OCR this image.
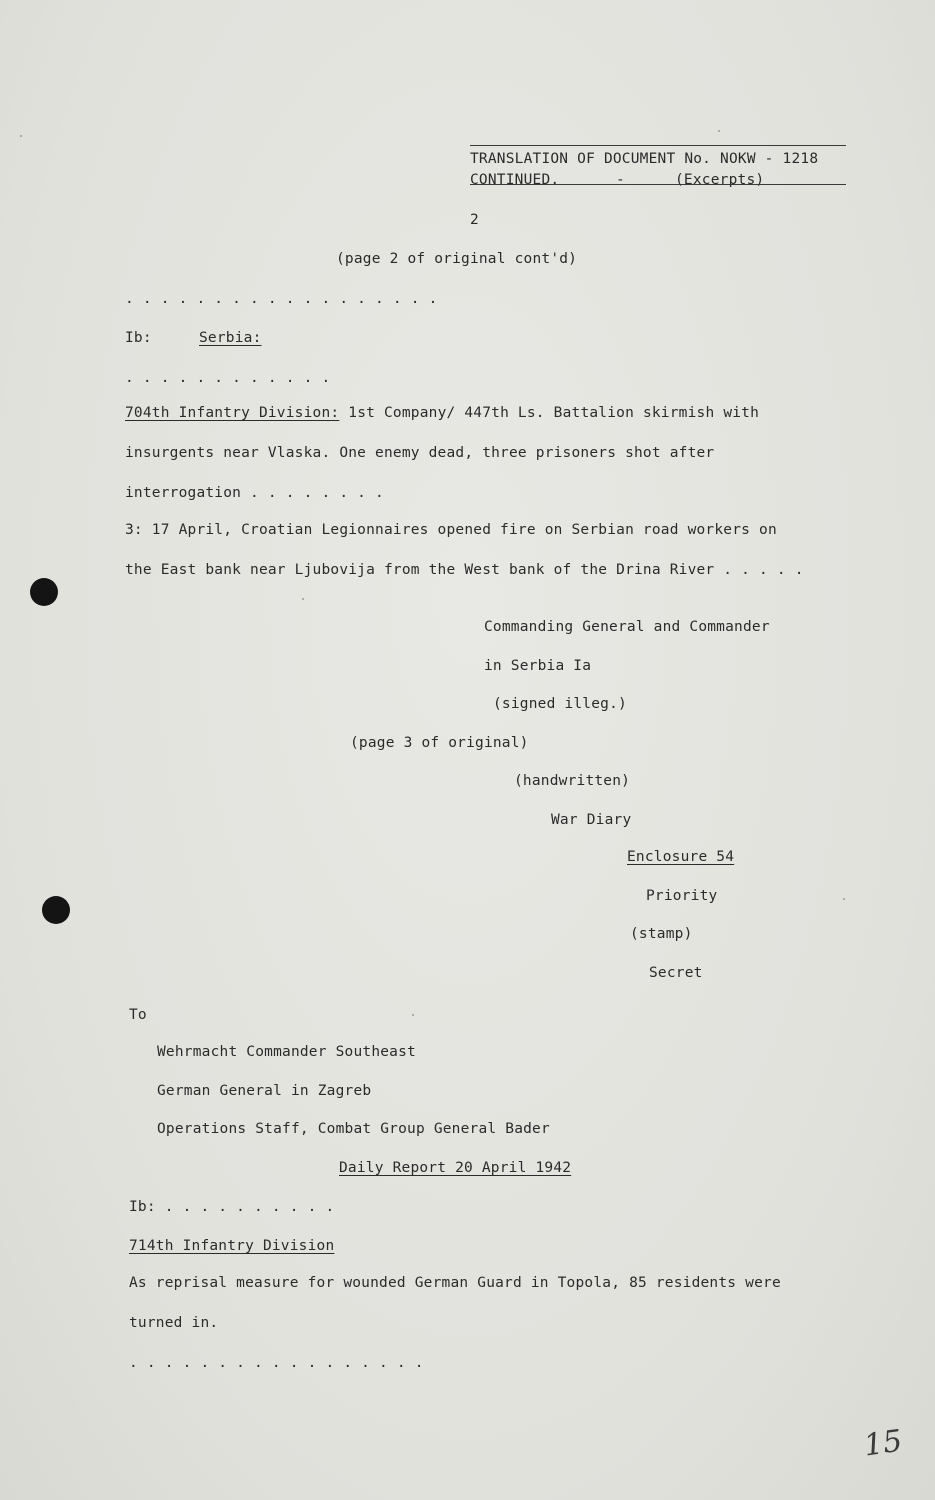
TRANSLATION OF DOCUMENT No. NOKW - 1218
CONTINUED.	-	(Excerpts)
2
(page 2 of original cont'd)
. . . . . . . . . . . . . . . . . .
Ib:	Serbia:
. . . . . . . . . . . .
704th Infantry Division: 1st Company/ 447th Ls. Battalion skirmish with
insurgents near Vlaska. One enemy dead, three prisoners shot after
interrogation . . . . . . . .
3: 17 April, Croatian Legionnaires opened fire on Serbian road workers on
the East bank near Ljubovija from the West bank of the Drina River . . . . .
Commanding General and Commander
in Serbia Ia
(signed illeg.)
(page 3 of original)
(handwritten)
War Diary
Enclosure 54
Priority
(stamp)
Secret
To
Wehrmacht Commander Southeast
German General in Zagreb
Operations Staff, Combat Group General Bader
Daily Report 20 April 1942
Ib: . . . . . . . . . .
714th Infantry Division
As reprisal measure for wounded German Guard in Topola, 85 residents were
turned in.
. . . . . . . . . . . . . . . . .
15
